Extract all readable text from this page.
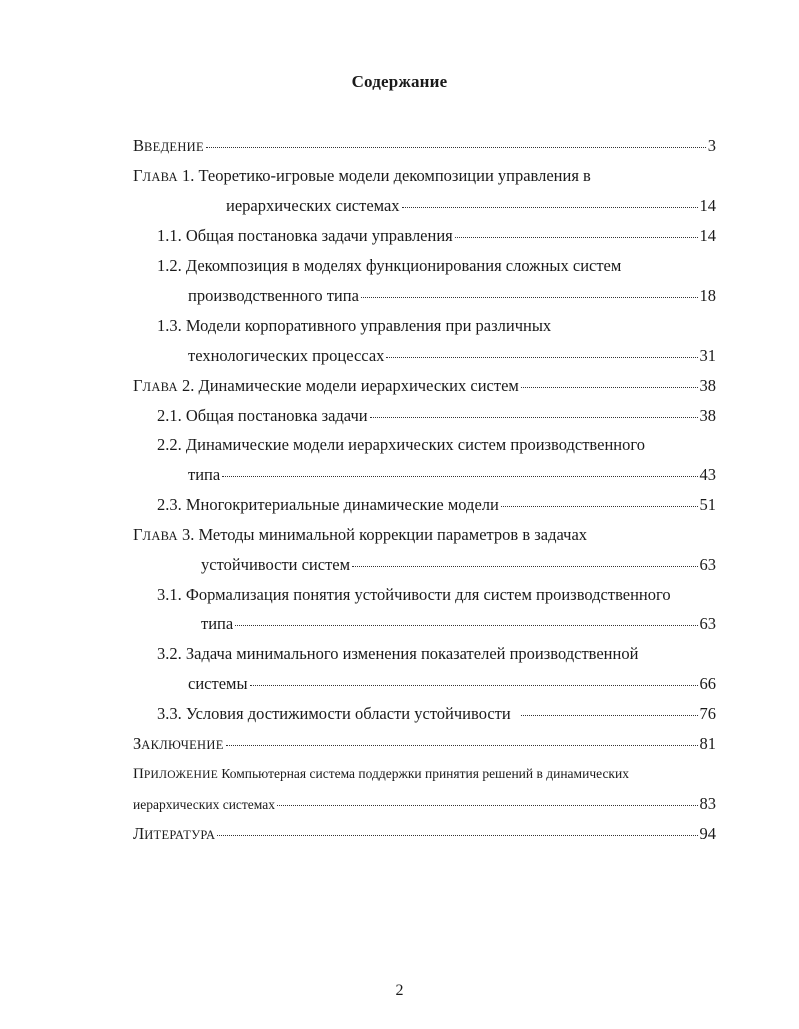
Содержание
ВВЕДЕНИЕ	3
ГЛАВА 1. Теоретико-игровые модели декомпозиции управления в
иерархических системах	14
1.1. Общая постановка задачи управления	14
1.2. Декомпозиция в моделях функционирования сложных систем
производственного типа	18
1.3. Модели корпоративного управления при различных
технологических процессах	31
ГЛАВА 2. Динамические модели иерархических систем	38
2.1. Общая постановка задачи	38
2.2. Динамические модели иерархических систем производственного
типа	43
2.3. Многокритериальные динамические модели	51
ГЛАВА 3. Методы минимальной коррекции параметров в задачах
устойчивости систем	63
3.1. Формализация понятия устойчивости для систем производственного
типа	63
3.2. Задача минимального изменения показателей производственной
системы	66
3.3. Условия достижимости области устойчивости	76
ЗАКЛЮЧЕНИЕ	81
ПРИЛОЖЕНИЕ Компьютерная система поддержки принятия решений в динамических
иерархических системах	83
ЛИТЕРАТУРА	94
2
